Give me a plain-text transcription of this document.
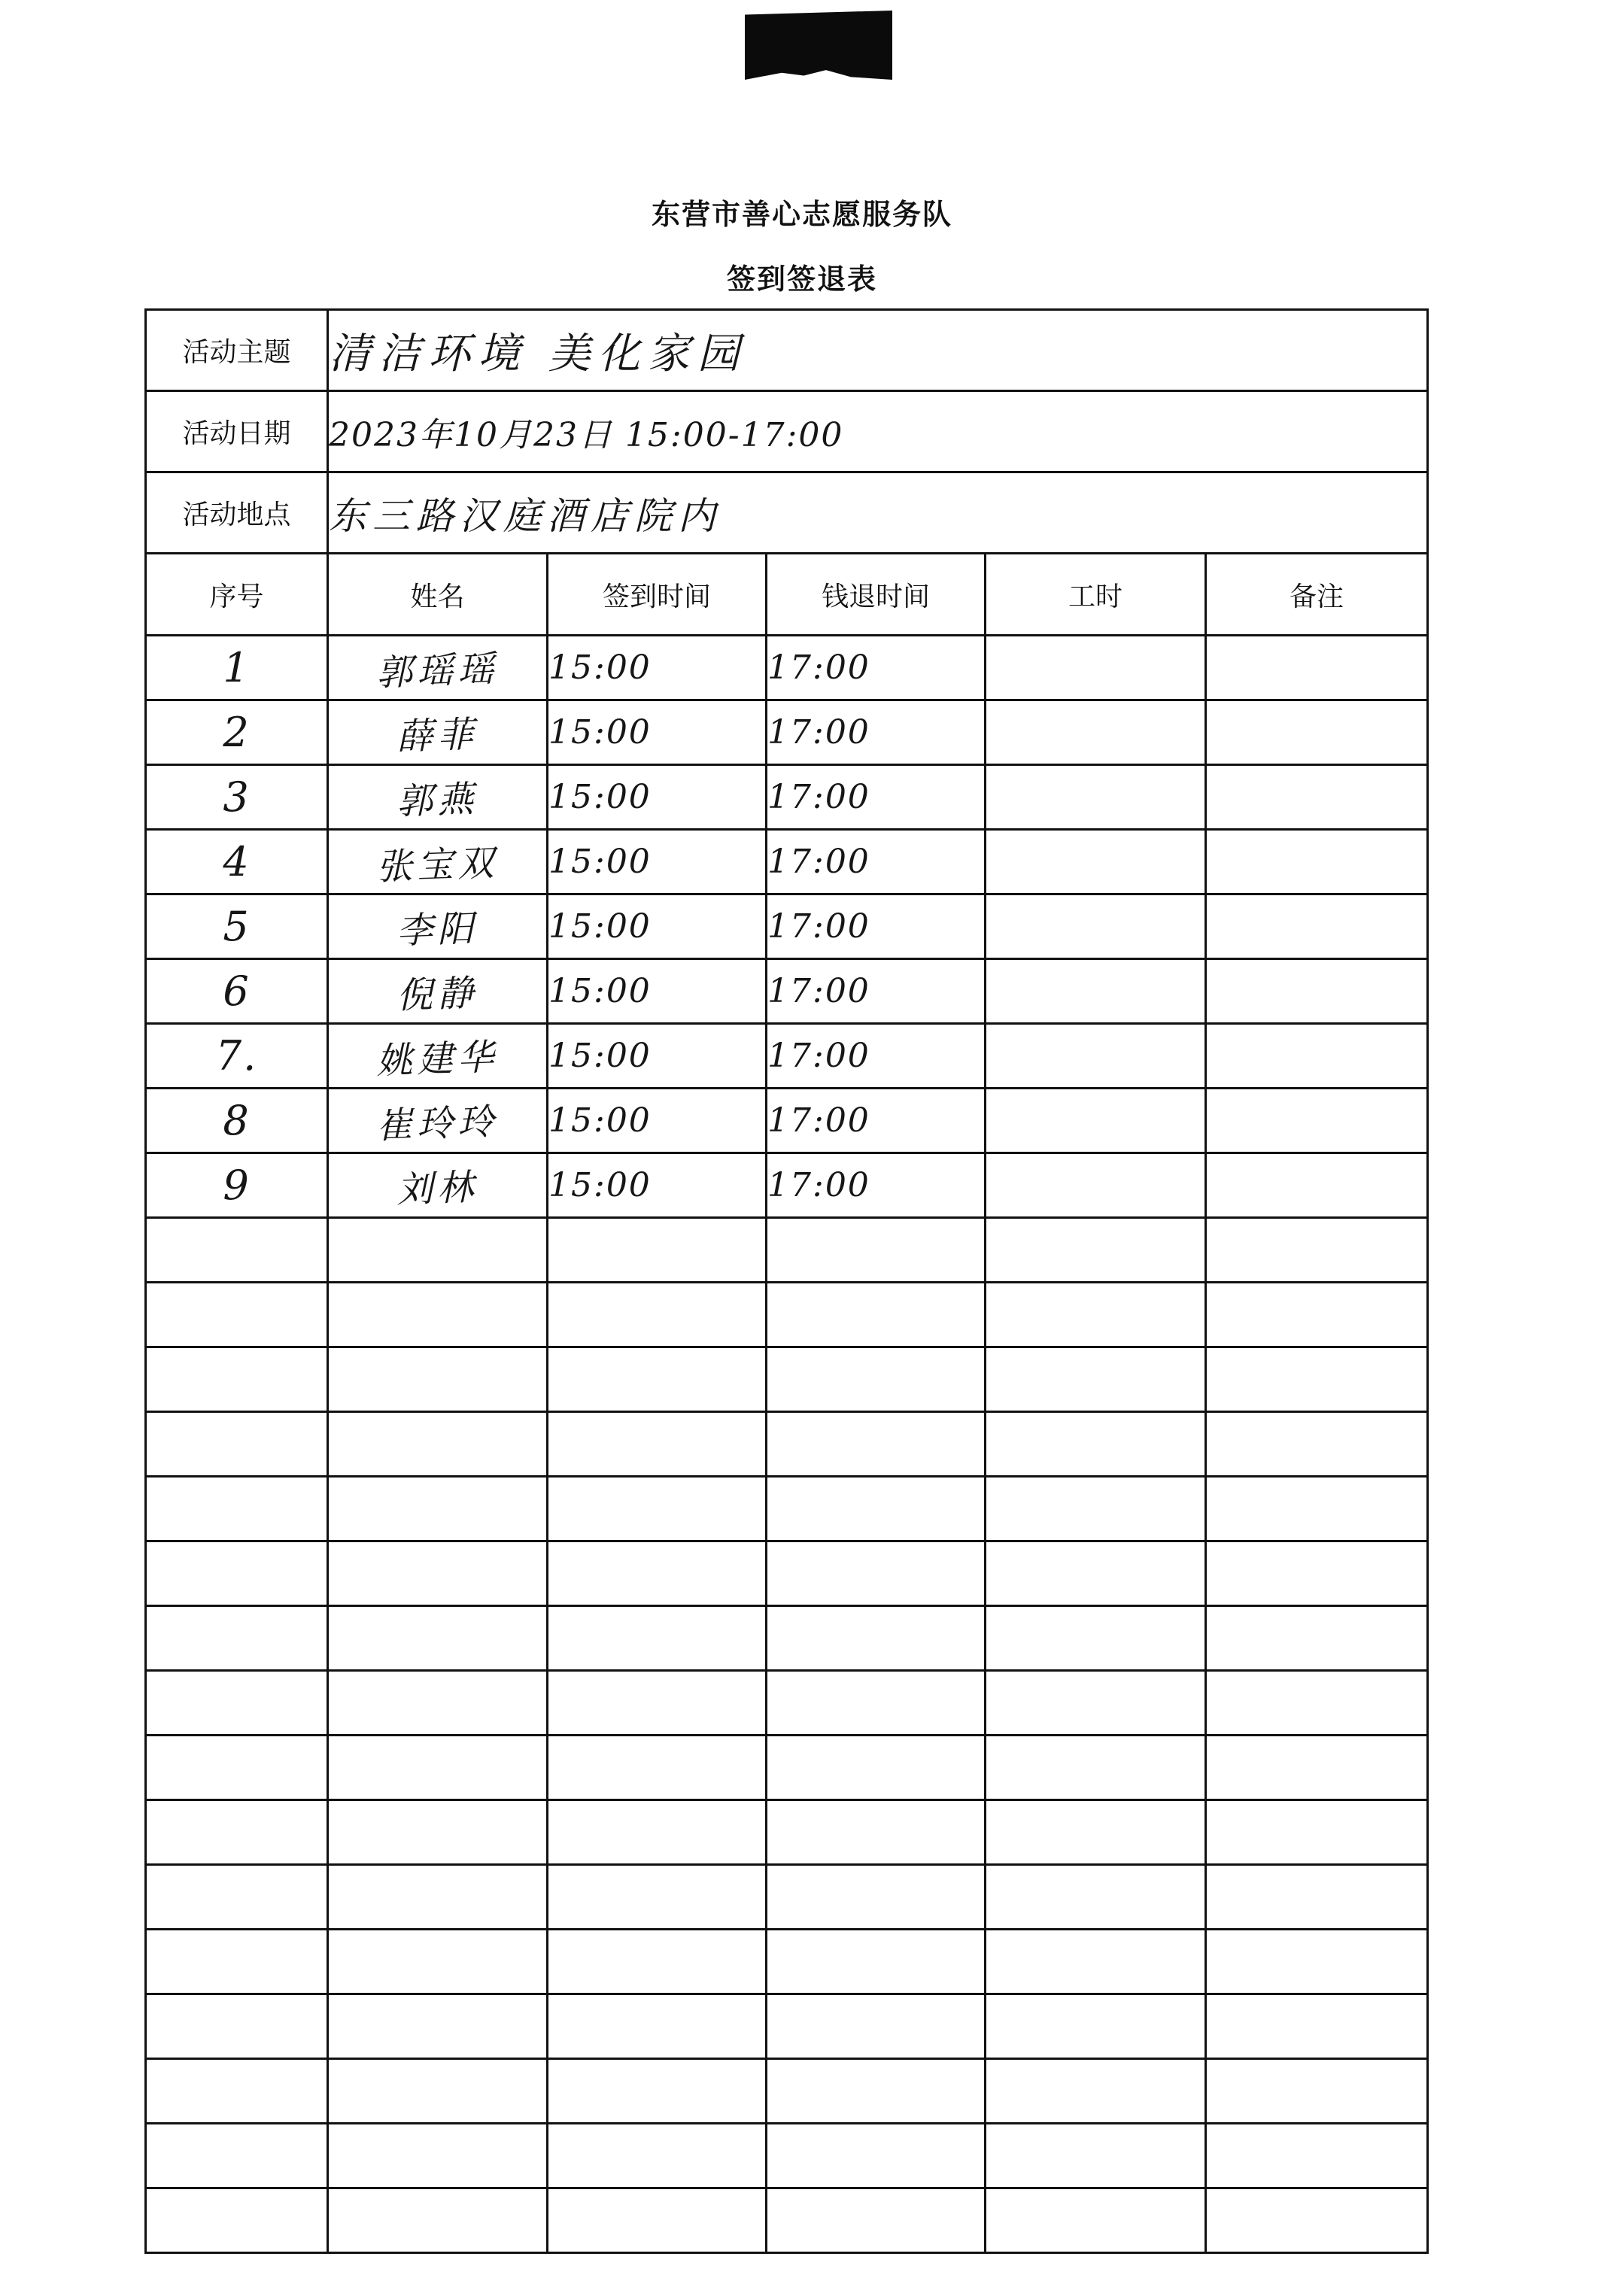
东营市善心志愿服务队
签到签退表
活动主题	清洁环境 美化家园				
活动日期	2023年10月23日 15:00-17:00				
活动地点	东三路汉庭酒店院内				
序号	姓名	签到时间	钱退时间	工时	备注
1	郭瑶瑶	15:00	17:00		
2	薛菲	15:00	17:00		
3	郭燕	15:00	17:00		
4	张宝双	15:00	17:00		
5	李阳	15:00	17:00		
6	倪静	15:00	17:00		
7.	姚建华	15:00	17:00		
8	崔玲玲	15:00	17:00		
9	刘林	15:00	17:00		
